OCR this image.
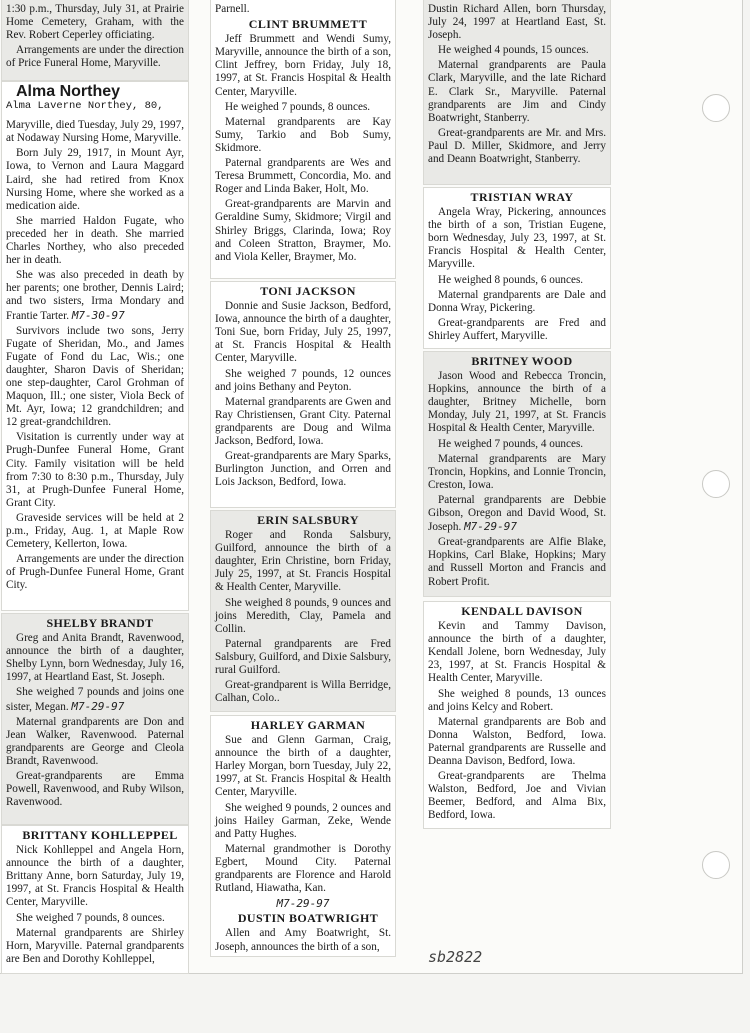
1:30 p.m., Thursday, July 31, at Prairie Home Cemetery, Graham, with the Rev. Robert Ceperley officiating.

Arrangements are under the direction of Price Funeral Home, Maryville.

Alma Northey

Alma Laverne Northey, 80,

Maryville, died Tuesday, July 29, 1997, at Nodaway Nursing Home, Maryville.

Born July 29, 1917, in Mount Ayr, Iowa, to Vernon and Laura Maggard Laird, she had retired from Knox Nursing Home, where she worked as a medication aide.

She married Haldon Fugate, who preceded her in death. She married Charles Northey, who also preceded her in death.

She was also preceded in death by her parents; one brother, Dennis Laird; and two sisters, Irma Mondary and Frantie Tarter. M7-30-97

Survivors include two sons, Jerry Fugate of Sheridan, Mo., and James Fugate of Fond du Lac, Wis.; one daughter, Sharon Davis of Sheridan; one step-daughter, Carol Grohman of Maquon, Ill.; one sister, Viola Beck of Mt. Ayr, Iowa; 12 grandchildren; and 12 great-grandchildren.

Visitation is currently under way at Prugh-Dunfee Funeral Home, Grant City. Family visitation will be held from 7:30 to 8:30 p.m., Thursday, July 31, at Prugh-Dunfee Funeral Home, Grant City.

Graveside services will be held at 2 p.m., Friday, Aug. 1, at Maple Row Cemetery, Kellerton, Iowa.

Arrangements are under the direction of Prugh-Dunfee Funeral Home, Grant City.

SHELBY BRANDT

Greg and Anita Brandt, Ravenwood, announce the birth of a daughter, Shelby Lynn, born Wednesday, July 16, 1997, at Heartland East, St. Joseph.

She weighed 7 pounds and joins one sister, Megan. M7-29-97

Maternal grandparents are Don and Jean Walker, Ravenwood. Paternal grandparents are George and Cleola Brandt, Ravenwood.

Great-grandparents are Emma Powell, Ravenwood, and Ruby Wilson, Ravenwood.

BRITTANY KOHLLEPPEL

Nick Kohlleppel and Angela Horn, announce the birth of a daughter, Brittany Anne, born Saturday, July 19, 1997, at St. Francis Hospital & Health Center, Maryville.

She weighed 7 pounds, 8 ounces.

Maternal grandparents are Shirley Horn, Maryville. Paternal grandparents are Ben and Dorothy Kohlleppel,

Parnell.

CLINT BRUMMETT

Jeff Brummett and Wendi Sumy, Maryville, announce the birth of a son, Clint Jeffrey, born Friday, July 18, 1997, at St. Francis Hospital & Health Center, Maryville.

He weighed 7 pounds, 8 ounces.

Maternal grandparents are Kay Sumy, Tarkio and Bob Sumy, Skidmore.

Paternal grandparents are Wes and Teresa Brummett, Concordia, Mo. and Roger and Linda Baker, Holt, Mo.

Great-grandparents are Marvin and Geraldine Sumy, Skidmore; Virgil and Shirley Briggs, Clarinda, Iowa; Roy and Coleen Stratton, Braymer, Mo. and Viola Keller, Braymer, Mo.

TONI JACKSON

Donnie and Susie Jackson, Bedford, Iowa, announce the birth of a daughter, Toni Sue, born Friday, July 25, 1997, at St. Francis Hospital & Health Center, Maryville.

She weighed 7 pounds, 12 ounces and joins Bethany and Peyton.

Maternal grandparents are Gwen and Ray Christiensen, Grant City. Paternal grandparents are Doug and Wilma Jackson, Bedford, Iowa.

Great-grandparents are Mary Sparks, Burlington Junction, and Orren and Lois Jackson, Bedford, Iowa.

ERIN SALSBURY

Roger and Ronda Salsbury, Guilford, announce the birth of a daughter, Erin Christine, born Friday, July 25, 1997, at St. Francis Hospital & Health Center, Maryville.

She weighed 8 pounds, 9 ounces and joins Meredith, Clay, Pamela and Collin.

Paternal grandparents are Fred Salsbury, Guilford, and Dixie Salsbury, rural Guilford.

Great-grandparent is Willa Berridge, Calhan, Colo..

HARLEY GARMAN

Sue and Glenn Garman, Craig, announce the birth of a daughter, Harley Morgan, born Tuesday, July 22, 1997, at St. Francis Hospital & Health Center, Maryville.

She weighed 9 pounds, 2 ounces and joins Hailey Garman, Zeke, Wende and Patty Hughes.

Maternal grandmother is Dorothy Egbert, Mound City. Paternal grandparents are Florence and Harold Rutland, Hiawatha, Kan.

M7-29-97

DUSTIN BOATWRIGHT

Allen and Amy Boatwright, St. Joseph, announces the birth of a son,

Dustin Richard Allen, born Thursday, July 24, 1997 at Heartland East, St. Joseph.

He weighed 4 pounds, 15 ounces.

Maternal grandparents are Paula Clark, Maryville, and the late Richard E. Clark Sr., Maryville. Paternal grandparents are Jim and Cindy Boatwright, Stanberry.

Great-grandparents are Mr. and Mrs. Paul D. Miller, Skidmore, and Jerry and Deann Boatwright, Stanberry.

TRISTIAN WRAY

Angela Wray, Pickering, announces the birth of a son, Tristian Eugene, born Wednesday, July 23, 1997, at St. Francis Hospital & Health Center, Maryville.

He weighed 8 pounds, 6 ounces.

Maternal grandparents are Dale and Donna Wray, Pickering.

Great-grandparents are Fred and Shirley Auffert, Maryville.

BRITNEY WOOD

Jason Wood and Rebecca Troncin, Hopkins, announce the birth of a daughter, Britney Michelle, born Monday, July 21, 1997, at St. Francis Hospital & Health Center, Maryville.

He weighed 7 pounds, 4 ounces.

Maternal grandparents are Mary Troncin, Hopkins, and Lonnie Troncin, Creston, Iowa.

Paternal grandparents are Debbie Gibson, Oregon and David Wood, St. Joseph. M7-29-97

Great-grandparents are Alfie Blake, Hopkins, Carl Blake, Hopkins; Mary and Russell Morton and Francis and Robert Profit.

KENDALL DAVISON

Kevin and Tammy Davison, announce the birth of a daughter, Kendall Jolene, born Wednesday, July 23, 1997, at St. Francis Hospital & Health Center, Maryville.

She weighed 8 pounds, 13 ounces and joins Kelcy and Robert.

Maternal grandparents are Bob and Donna Walston, Bedford, Iowa. Paternal grandparents are Russelle and Deanna Davison, Bedford, Iowa.

Great-grandparents are Thelma Walston, Bedford, Joe and Vivian Beemer, Bedford, and Alma Bix, Bedford, Iowa.

sb2822
